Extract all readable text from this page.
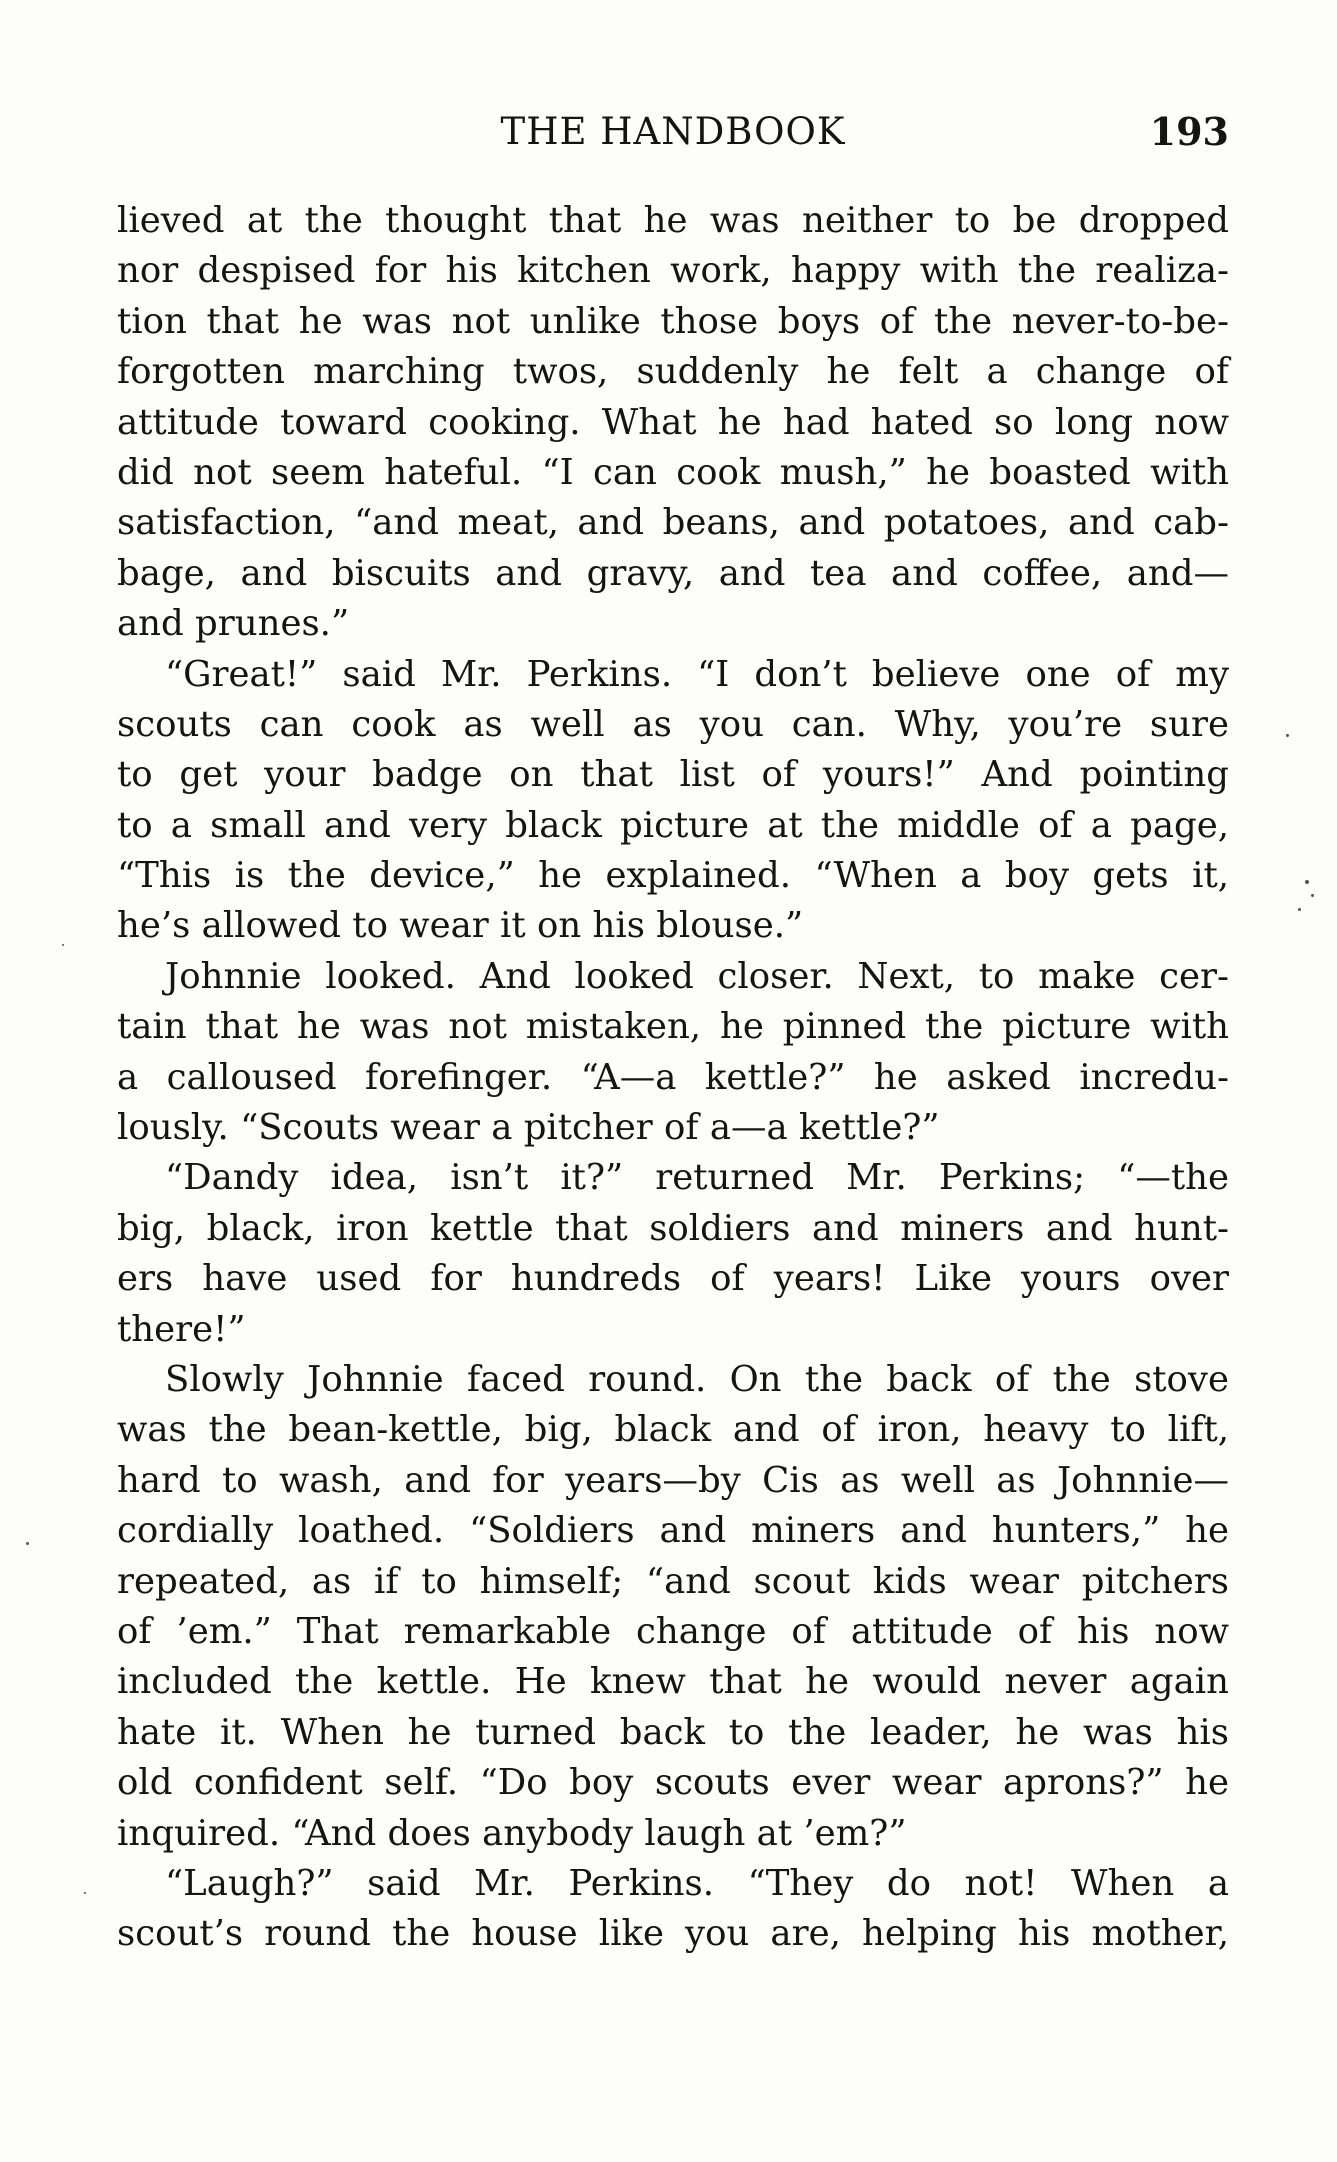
THE HANDBOOK	193
lieved at the thought that he was neither to be dropped
nor despised for his kitchen work, happy with the realiza-
tion that he was not unlike those boys of the never-to-be-
forgotten marching twos, suddenly he felt a change of
attitude toward cooking. What he had hated so long now
did not seem hateful. “I can cook mush,” he boasted with
satisfaction, “and meat, and beans, and potatoes, and cab-
bage, and biscuits and gravy, and tea and coffee, and—
and prunes.”
“Great!” said Mr. Perkins. “I don’t believe one of my
scouts can cook as well as you can. Why, you’re sure
to get your badge on that list of yours!” And pointing
to a small and very black picture at the middle of a page,
“This is the device,” he explained. “When a boy gets it,
he’s allowed to wear it on his blouse.”
Johnnie looked. And looked closer. Next, to make cer-
tain that he was not mistaken, he pinned the picture with
a calloused forefinger. “A—a kettle?” he asked incredu-
lously. “Scouts wear a pitcher of a—a kettle?”
“Dandy idea, isn’t it?” returned Mr. Perkins; “—the
big, black, iron kettle that soldiers and miners and hunt-
ers have used for hundreds of years! Like yours over
there!”
Slowly Johnnie faced round. On the back of the stove
was the bean-kettle, big, black and of iron, heavy to lift,
hard to wash, and for years—by Cis as well as Johnnie—
cordially loathed. “Soldiers and miners and hunters,” he
repeated, as if to himself; “and scout kids wear pitchers
of ’em.” That remarkable change of attitude of his now
included the kettle. He knew that he would never again
hate it. When he turned back to the leader, he was his
old confident self. “Do boy scouts ever wear aprons?” he
inquired. “And does anybody laugh at ’em?”
“Laugh?” said Mr. Perkins. “They do not! When a
scout’s round the house like you are, helping his mother,
